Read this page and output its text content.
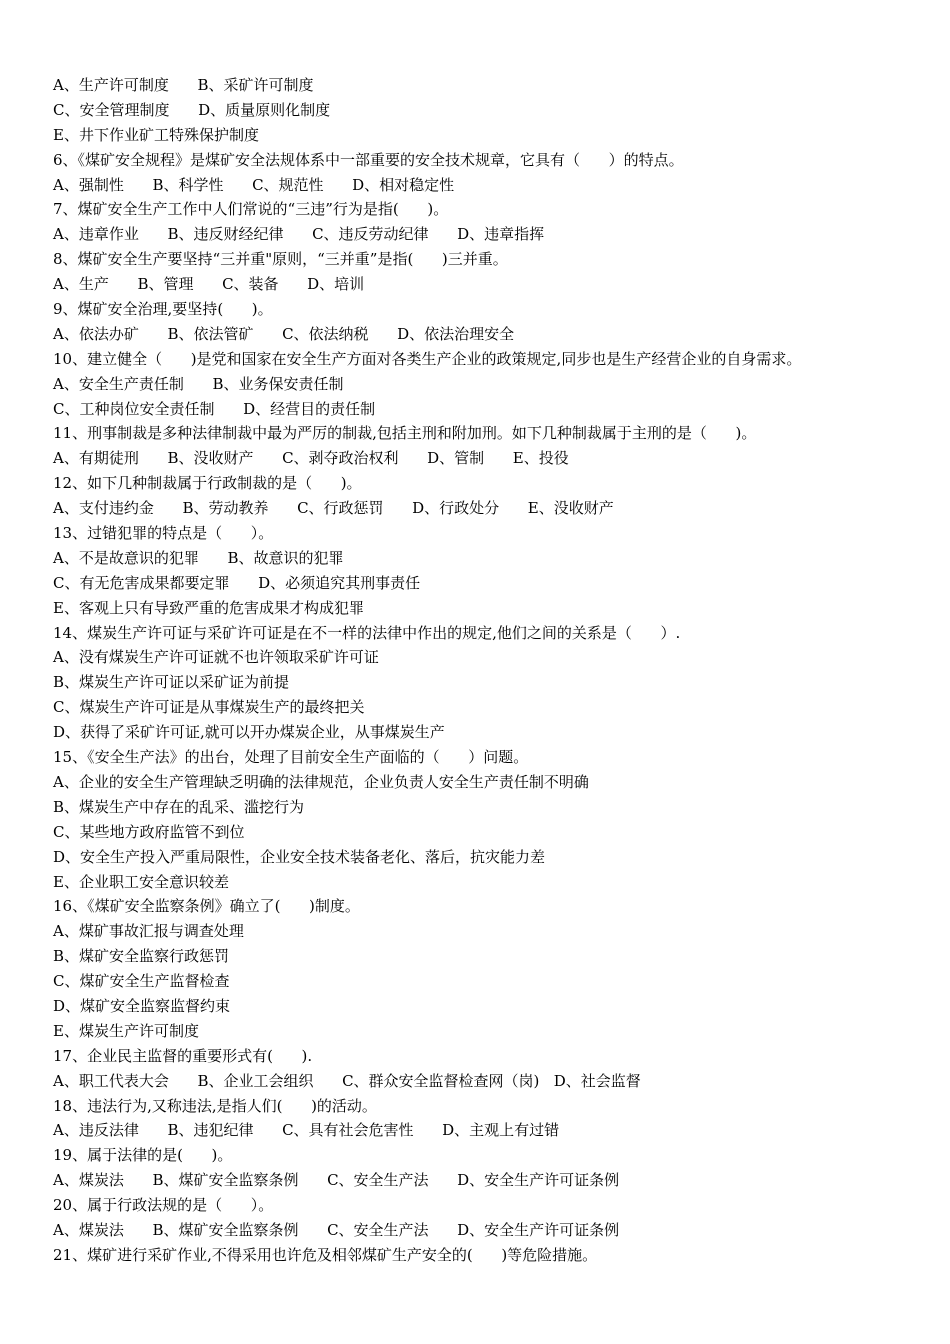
A、生产许可制度      B、采矿许可制度
C、安全管理制度      D、质量原则化制度
E、井下作业矿工特殊保护制度
6、《煤矿安全规程》是煤矿安全法规体系中一部重要的安全技术规章，它具有（      ）的特点。
A、强制性      B、科学性      C、规范性      D、相对稳定性
7、煤矿安全生产工作中人们常说的“三违”行为是指(      )。
A、违章作业      B、违反财经纪律      C、违反劳动纪律      D、违章指挥
8、煤矿安全生产要坚持“三并重"原则，“三并重”是指(      )三并重。
A、生产      B、管理      C、装备      D、培训
9、煤矿安全治理,要坚持(      )。
A、依法办矿      B、依法管矿      C、依法纳税      D、依法治理安全
10、建立健全（      )是党和国家在安全生产方面对各类生产企业的政策规定,同步也是生产经营企业的自身需求。
A、安全生产责任制      B、业务保安责任制
C、工种岗位安全责任制      D、经营目的责任制
11、刑事制裁是多种法律制裁中最为严厉的制裁,包括主刑和附加刑。如下几种制裁属于主刑的是（      )。
A、有期徒刑      B、没收财产      C、剥夺政治权利      D、管制      E、投役
12、如下几种制裁属于行政制裁的是（      )。
A、支付违约金      B、劳动教养      C、行政惩罚      D、行政处分      E、没收财产
13、过错犯罪的特点是（      ）。
A、不是故意识的犯罪      B、故意识的犯罪
C、有无危害成果都要定罪      D、必须追究其刑事责任
E、客观上只有导致严重的危害成果才构成犯罪
14、煤炭生产许可证与采矿许可证是在不一样的法律中作出的规定,他们之间的关系是（      ）.
A、没有煤炭生产许可证就不也许领取采矿许可证
B、煤炭生产许可证以采矿证为前提
C、煤炭生产许可证是从事煤炭生产的最终把关
D、获得了采矿许可证,就可以开办煤炭企业，从事煤炭生产
15、《安全生产法》的出台，处理了目前安全生产面临的（      ）问题。
A、企业的安全生产管理缺乏明确的法律规范，企业负责人安全生产责任制不明确
B、煤炭生产中存在的乱采、滥挖行为
C、某些地方政府监管不到位
D、安全生产投入严重局限性，企业安全技术装备老化、落后，抗灾能力差
E、企业职工安全意识较差
16、《煤矿安全监察条例》确立了(      )制度。
A、煤矿事故汇报与调查处理
B、煤矿安全监察行政惩罚
C、煤矿安全生产监督检查
D、煤矿安全监察监督约束
E、煤炭生产许可制度
17、企业民主监督的重要形式有(      ).
A、职工代表大会      B、企业工会组织      C、群众安全监督检查网（岗)   D、社会监督
18、违法行为,又称违法,是指人们(      )的活动。
A、违反法律      B、违犯纪律      C、具有社会危害性      D、主观上有过错
19、属于法律的是(      )。
A、煤炭法      B、煤矿安全监察条例      C、安全生产法      D、安全生产许可证条例
20、属于行政法规的是（      ）。
A、煤炭法      B、煤矿安全监察条例      C、安全生产法      D、安全生产许可证条例
21、煤矿进行采矿作业,不得采用也许危及相邻煤矿生产安全的(      )等危险措施。
